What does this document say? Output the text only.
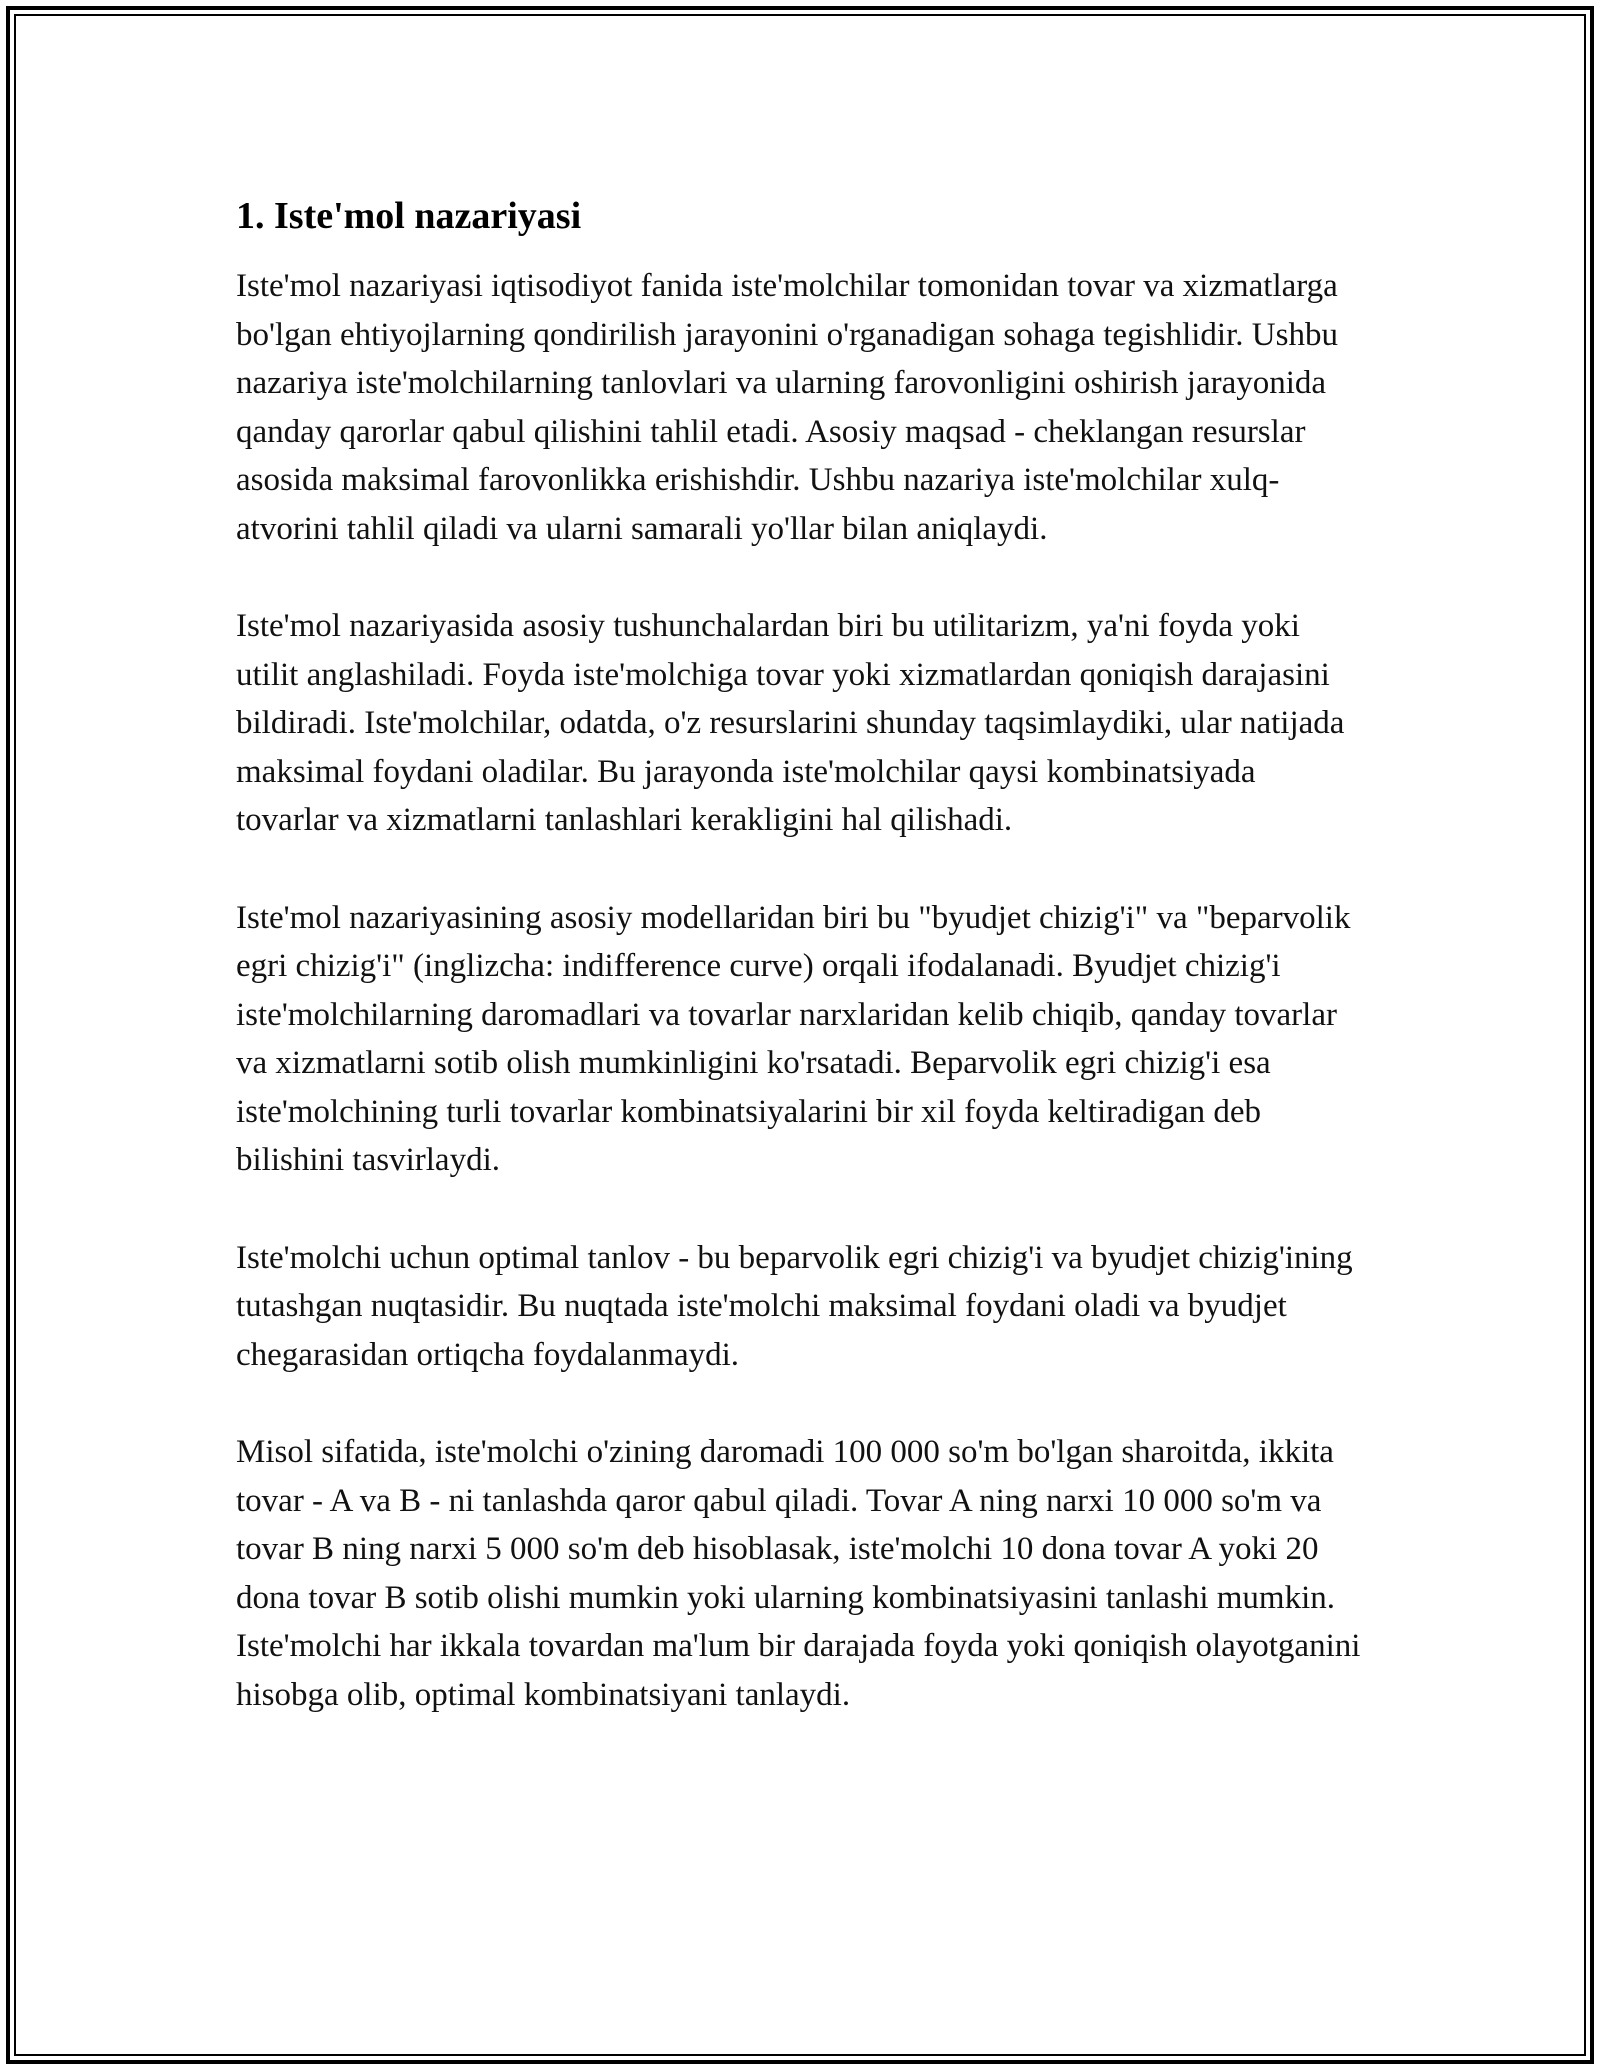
1. Iste'mol nazariyasi

Iste'mol nazariyasi iqtisodiyot fanida iste'molchilar tomonidan tovar va xizmatlarga bo'lgan ehtiyojlarning qondirilish jarayonini o'rganadigan sohaga tegishlidir. Ushbu nazariya iste'molchilarning tanlovlari va ularning farovonligini oshirish jarayonida qanday qarorlar qabul qilishini tahlil etadi. Asosiy maqsad - cheklangan resurslar asosida maksimal farovonlikka erishishdir. Ushbu nazariya iste'molchilar xulq-atvorini tahlil qiladi va ularni samarali yo'llar bilan aniqlaydi.

Iste'mol nazariyasida asosiy tushunchalardan biri bu utilitarizm, ya'ni foyda yoki utilit anglashiladi. Foyda iste'molchiga tovar yoki xizmatlardan qoniqish darajasini bildiradi. Iste'molchilar, odatda, o'z resurslarini shunday taqsimlaydiki, ular natijada maksimal foydani oladilar. Bu jarayonda iste'molchilar qaysi kombinatsiyada tovarlar va xizmatlarni tanlashlari kerakligini hal qilishadi.

Iste'mol nazariyasining asosiy modellaridan biri bu "byudjet chizig'i" va "beparvolik egri chizig'i" (inglizcha: indifference curve) orqali ifodalanadi. Byudjet chizig'i iste'molchilarning daromadlari va tovarlar narxlaridan kelib chiqib, qanday tovarlar va xizmatlarni sotib olish mumkinligini ko'rsatadi. Beparvolik egri chizig'i esa iste'molchining turli tovarlar kombinatsiyalarini bir xil foyda keltiradigan deb bilishini tasvirlaydi.

Iste'molchi uchun optimal tanlov - bu beparvolik egri chizig'i va byudjet chizig'ining tutashgan nuqtasidir. Bu nuqtada iste'molchi maksimal foydani oladi va byudjet chegarasidan ortiqcha foydalanmaydi.

Misol sifatida, iste'molchi o'zining daromadi 100 000 so'm bo'lgan sharoitda, ikkita tovar - A va B - ni tanlashda qaror qabul qiladi. Tovar A ning narxi 10 000 so'm va tovar B ning narxi 5 000 so'm deb hisoblasak, iste'molchi 10 dona tovar A yoki 20 dona tovar B sotib olishi mumkin yoki ularning kombinatsiyasini tanlashi mumkin. Iste'molchi har ikkala tovardan ma'lum bir darajada foyda yoki qoniqish olayotganini hisobga olib, optimal kombinatsiyani tanlaydi.
